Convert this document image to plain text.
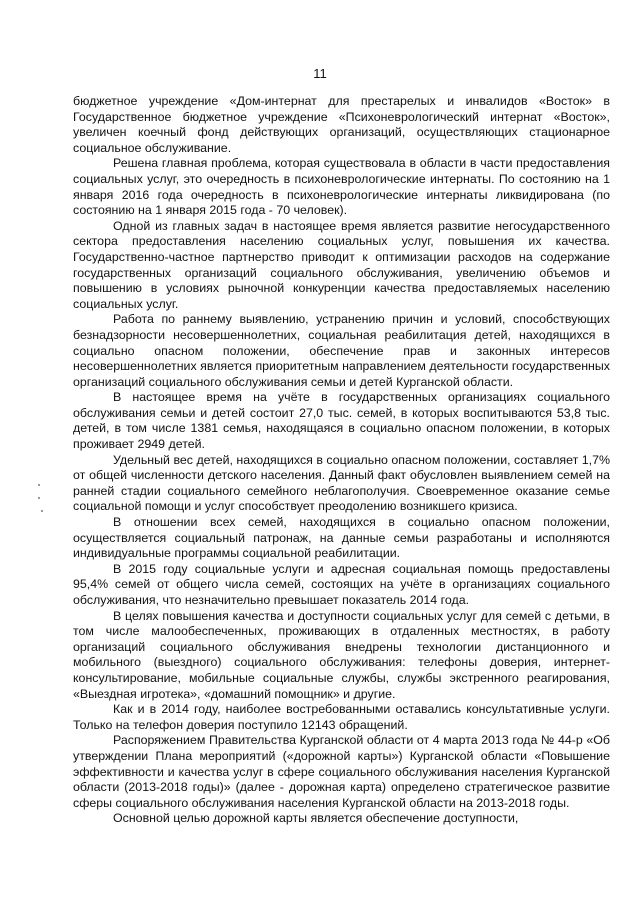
11

бюджетное учреждение «Дом-интернат для престарелых и инвалидов «Восток» в Государственное бюджетное учреждение «Психоневрологический интернат «Восток», увеличен коечный фонд действующих организаций, осуществляющих стационарное социальное обслуживание.

Решена главная проблема, которая существовала в области в части предоставления социальных услуг, это очередность в психоневрологические интернаты. По состоянию на 1 января 2016 года очередность в психоневрологические интернаты ликвидирована (по состоянию на 1 января 2015 года - 70 человек).

Одной из главных задач в настоящее время является развитие негосударственного сектора предоставления населению социальных услуг, повышения их качества. Государственно-частное партнерство приводит к оптимизации расходов на содержание государственных организаций социального обслуживания, увеличению объемов и повышению в условиях рыночной конкуренции качества предоставляемых населению социальных услуг.

Работа по раннему выявлению, устранению причин и условий, способствующих безнадзорности несовершеннолетних, социальная реабилитация детей, находящихся в социально опасном положении, обеспечение прав и законных интересов несовершеннолетних является приоритетным направлением деятельности государственных организаций социального обслуживания семьи и детей Курганской области.

В настоящее время на учёте в государственных организациях социального обслуживания семьи и детей состоит 27,0 тыс. семей, в которых воспитываются 53,8 тыс. детей, в том числе 1381 семья, находящаяся в социально опасном положении, в которых проживает 2949 детей.

Удельный вес детей, находящихся в социально опасном положении, составляет 1,7% от общей численности детского населения. Данный факт обусловлен выявлением семей на ранней стадии социального семейного неблагополучия. Своевременное оказание семье социальной помощи и услуг способствует преодолению возникшего кризиса.

В отношении всех семей, находящихся в социально опасном положении, осуществляется социальный патронаж, на данные семьи разработаны и исполняются индивидуальные программы социальной реабилитации.

В 2015 году социальные услуги и адресная социальная помощь предоставлены 95,4% семей от общего числа семей, состоящих на учёте в организациях социального обслуживания, что незначительно превышает показатель 2014 года.

В целях повышения качества и доступности социальных услуг для семей с детьми, в том числе малообеспеченных, проживающих в отдаленных местностях, в работу организаций социального обслуживания внедрены технологии дистанционного и мобильного (выездного) социального обслуживания: телефоны доверия, интернет-консультирование, мобильные социальные службы, службы экстренного реагирования, «Выездная игротека», «домашний помощник» и другие.

Как и в 2014 году, наиболее востребованными оставались консультативные услуги. Только на телефон доверия поступило 12143 обращений.

Распоряжением Правительства Курганской области от 4 марта 2013 года № 44-р «Об утверждении Плана мероприятий («дорожной карты») Курганской области «Повышение эффективности и качества услуг в сфере социального обслуживания населения Курганской области (2013-2018 годы)» (далее - дорожная карта) определено стратегическое развитие сферы социального обслуживания населения Курганской области на 2013-2018 годы.

Основной целью дорожной карты является обеспечение доступности,
